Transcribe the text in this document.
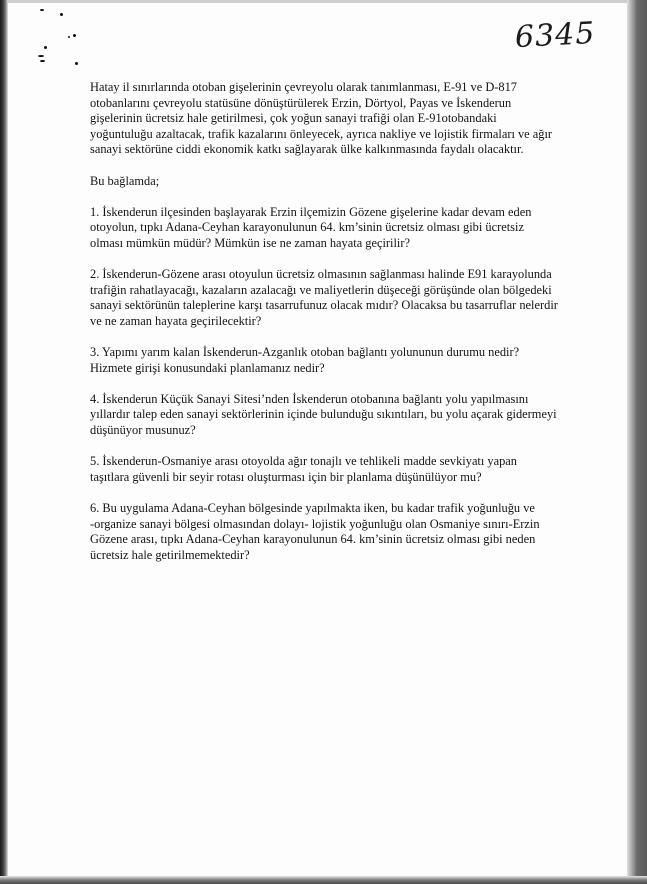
6345

Hatay il sınırlarında otoban gişelerinin çevreyolu olarak tanımlanması, E-91 ve D-817
otobanlarını çevreyolu statüsüne dönüştürülerek Erzin, Dörtyol, Payas ve İskenderun
gişelerinin ücretsiz hale getirilmesi, çok yoğun sanayi trafiği olan E-91otobandaki
yoğuntuluğu azaltacak, trafik kazalarını önleyecek, ayrıca nakliye ve lojistik firmaları ve ağır
sanayi sektörüne ciddi ekonomik katkı sağlayarak ülke kalkınmasında faydalı olacaktır.

Bu bağlamda;

1. İskenderun ilçesinden başlayarak Erzin ilçemizin Gözene gişelerine kadar devam eden
otoyolun, tıpkı Adana-Ceyhan karayonulunun 64. km’sinin ücretsiz olması gibi ücretsiz
olması mümkün müdür? Mümkün ise ne zaman hayata geçirilir?

2. İskenderun-Gözene arası otoyulun ücretsiz olmasının sağlanması halinde E91 karayolunda
trafiğin rahatlayacağı, kazaların azalacağı ve maliyetlerin düşeceği görüşünde olan bölgedeki
sanayi sektörünün taleplerine karşı tasarrufunuz olacak mıdır? Olacaksa bu tasarruflar nelerdir
ve ne zaman hayata geçirilecektir?

3. Yapımı yarım kalan İskenderun-Azganlık otoban bağlantı yolununun durumu nedir?
Hizmete girişi konusundaki planlamanız nedir?

4. İskenderun Küçük Sanayi Sitesi’nden İskenderun otobanına bağlantı yolu yapılmasını
yıllardır talep eden sanayi sektörlerinin içinde bulunduğu sıkıntıları, bu yolu açarak gidermeyi
düşünüyor musunuz?

5. İskenderun-Osmaniye arası otoyolda ağır tonajlı ve tehlikeli madde sevkiyatı yapan
taşıtlara güvenli bir seyir rotası oluşturması için bir planlama düşünülüyor mu?

6. Bu uygulama Adana-Ceyhan bölgesinde yapılmakta iken, bu kadar trafik yoğunluğu ve
-organize sanayi bölgesi olmasından dolayı- lojistik yoğunluğu olan Osmaniye sınırı-Erzin
Gözene arası, tıpkı Adana-Ceyhan karayonulunun 64. km’sinin ücretsiz olması gibi neden
ücretsiz hale getirilmemektedir?
